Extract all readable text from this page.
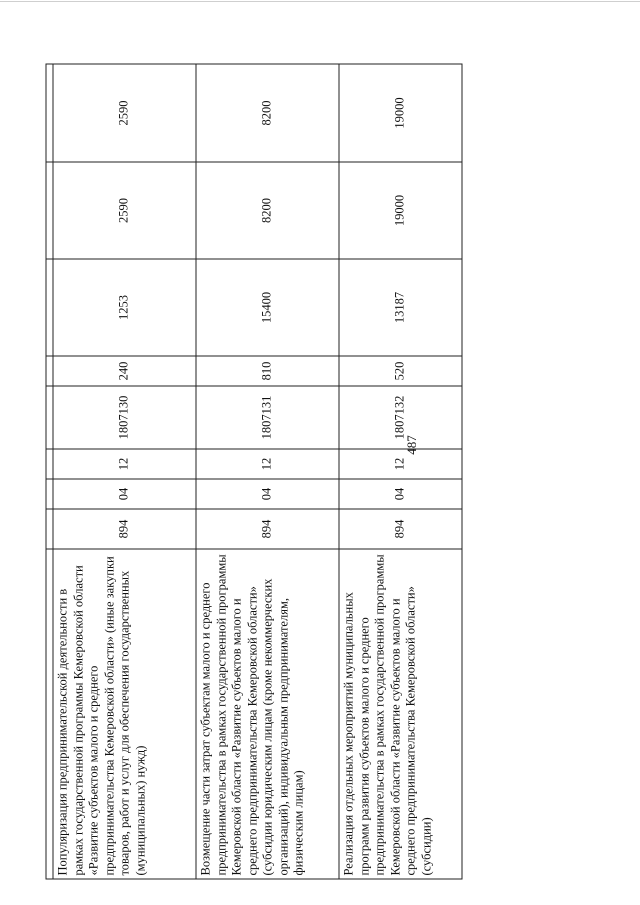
487

Популяризация предпринимательской деятельности в рамках государственной программы Кемеровской области «Развитие субъектов малого и среднего предпринимательства Кемеровской области» (иные закупки товаров, работ и услуг для обеспечения государственных (муниципальных) нужд)	894	04	12	1807130	240	1253	2590	2590
Возмещение части затрат субъектам малого и среднего предпринимательства в рамках государственной программы Кемеровской области «Развитие субъектов малого и среднего предпринимательства Кемеровской области» (субсидии юридическим лицам (кроме некоммерческих организаций), индивидуальным предпринимателям, физическим лицам)	894	04	12	1807131	810	15400	8200	8200
Реализация отдельных мероприятий муниципальных программ развития субъектов малого и среднего предпринимательства в рамках государственной программы Кемеровской области «Развитие субъектов малого и среднего предпринимательства Кемеровской области» (субсидии)	894	04	12	1807132	520	13187	19000	19000
